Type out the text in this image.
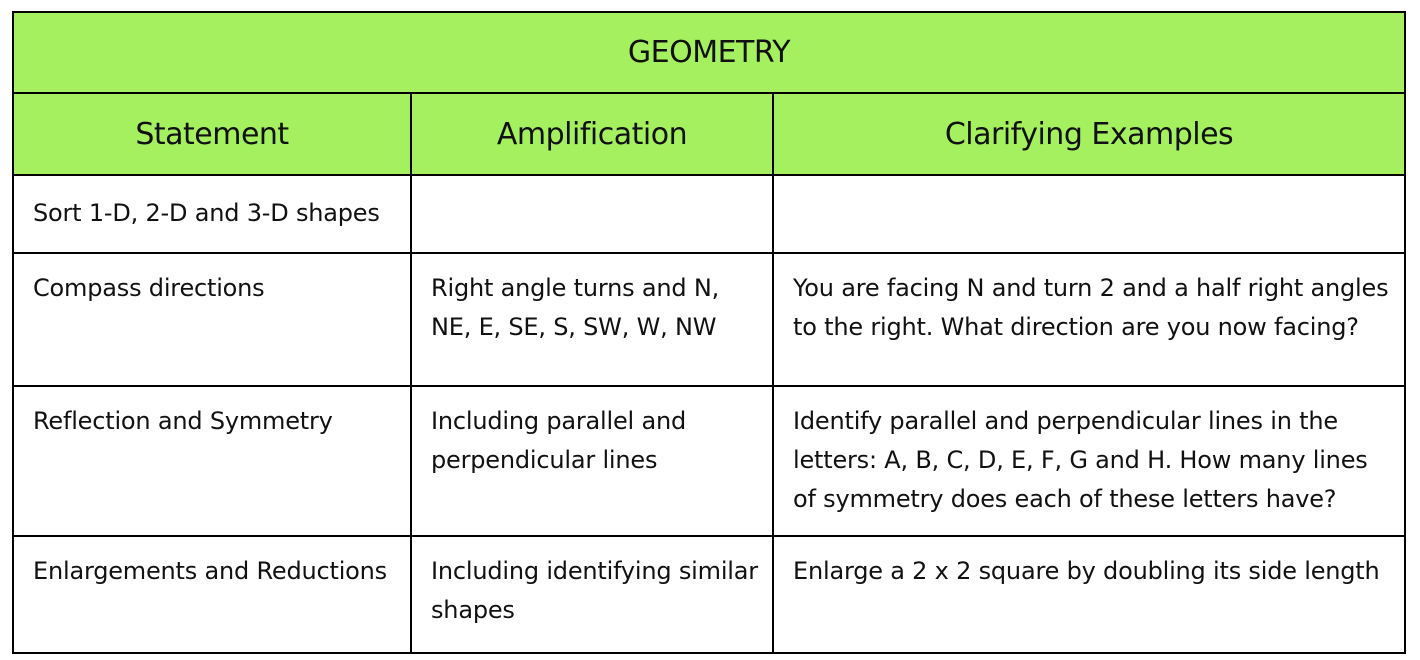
GEOMETRY		
Statement	Amplification	Clarifying Examples
Sort 1-D, 2-D and 3-D shapes		
Compass directions	Right angle turns and N, NE, E, SE, S, SW, W, NW	You are facing N and turn 2 and a half right angles to the right. What direction are you now facing?
Reflection and Symmetry	Including parallel and perpendicular lines	Identify parallel and perpendicular lines in the letters: A, B, C, D, E, F, G and H. How many lines of symmetry does each of these letters have?
Enlargements and Reductions	Including identifying similar shapes	Enlarge a 2 x 2 square by doubling its side length
